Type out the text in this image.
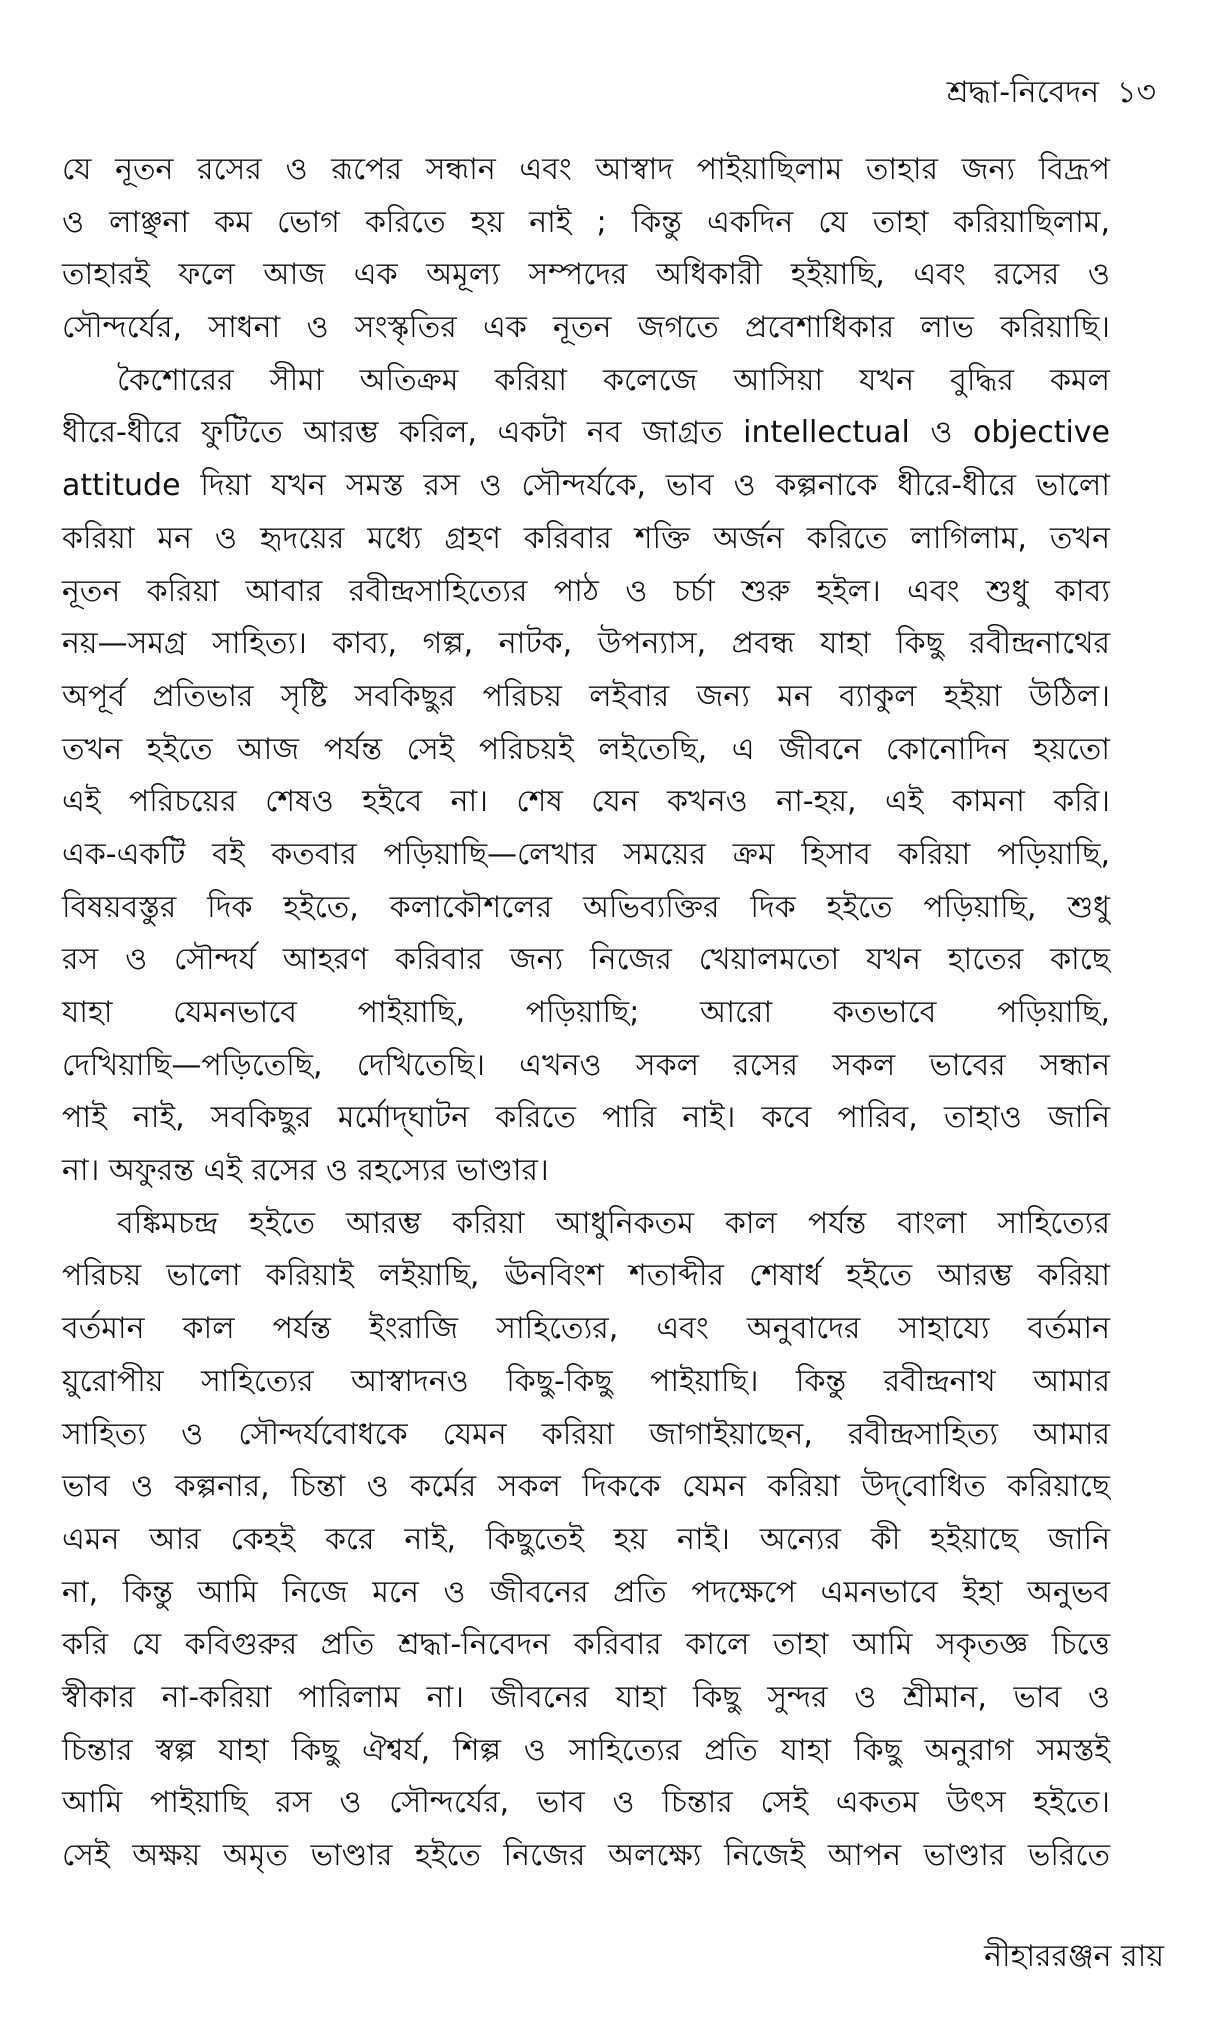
শ্রদ্ধা-নিবেদন ১৩
যে নূতন রসের ও রূপের সন্ধান এবং আস্বাদ পাইয়াছিলাম তাহার জন্য বিদ্রূপ
ও লাঞ্ছনা কম ভোগ করিতে হয় নাই ; কিন্তু একদিন যে তাহা করিয়াছিলাম,
তাহারই ফলে আজ এক অমূল্য সম্পদের অধিকারী হইয়াছি, এবং রসের ও
সৌন্দর্যের, সাধনা ও সংস্কৃতির এক নূতন জগতে প্রবেশাধিকার লাভ করিয়াছি।
কৈশোরের সীমা অতিক্রম করিয়া কলেজে আসিয়া যখন বুদ্ধির কমল
ধীরে-ধীরে ফুটিতে আরম্ভ করিল, একটা নব জাগ্রত intellectual ও objective
attitude দিয়া যখন সমস্ত রস ও সৌন্দর্যকে, ভাব ও কল্পনাকে ধীরে-ধীরে ভালো
করিয়া মন ও হৃদয়ের মধ্যে গ্রহণ করিবার শক্তি অর্জন করিতে লাগিলাম, তখন
নূতন করিয়া আবার রবীন্দ্রসাহিত্যের পাঠ ও চর্চা শুরু হইল। এবং শুধু কাব্য
নয়—সমগ্র সাহিত্য। কাব্য, গল্প, নাটক, উপন্যাস, প্রবন্ধ যাহা কিছু রবীন্দ্রনাথের
অপূর্ব প্রতিভার সৃষ্টি সবকিছুর পরিচয় লইবার জন্য মন ব্যাকুল হইয়া উঠিল।
তখন হইতে আজ পর্যন্ত সেই পরিচয়ই লইতেছি, এ জীবনে কোনোদিন হয়তো
এই পরিচয়ের শেষও হইবে না। শেষ যেন কখনও না-হয়, এই কামনা করি।
এক-একটি বই কতবার পড়িয়াছি—লেখার সময়ের ক্রম হিসাব করিয়া পড়িয়াছি,
বিষয়বস্তুর দিক হইতে, কলাকৌশলের অভিব্যক্তির দিক হইতে পড়িয়াছি, শুধু
রস ও সৌন্দর্য আহরণ করিবার জন্য নিজের খেয়ালমতো যখন হাতের কাছে
যাহা যেমনভাবে পাইয়াছি, পড়িয়াছি; আরো কতভাবে পড়িয়াছি,
দেখিয়াছি—পড়িতেছি, দেখিতেছি। এখনও সকল রসের সকল ভাবের সন্ধান
পাই নাই, সবকিছুর মর্মোদ্‌ঘাটন করিতে পারি নাই। কবে পারিব, তাহাও জানি
না। অফুরন্ত এই রসের ও রহস্যের ভাণ্ডার।
বঙ্কিমচন্দ্র হইতে আরম্ভ করিয়া আধুনিকতম কাল পর্যন্ত বাংলা সাহিত্যের
পরিচয় ভালো করিয়াই লইয়াছি, ঊনবিংশ শতাব্দীর শেষার্ধ হইতে আরম্ভ করিয়া
বর্তমান কাল পর্যন্ত ইংরাজি সাহিত্যের, এবং অনুবাদের সাহায্যে বর্তমান
য়ুরোপীয় সাহিত্যের আস্বাদনও কিছু-কিছু পাইয়াছি। কিন্তু রবীন্দ্রনাথ আমার
সাহিত্য ও সৌন্দর্যবোধকে যেমন করিয়া জাগাইয়াছেন, রবীন্দ্রসাহিত্য আমার
ভাব ও কল্পনার, চিন্তা ও কর্মের সকল দিককে যেমন করিয়া উদ্‌বোধিত করিয়াছে
এমন আর কেহই করে নাই, কিছুতেই হয় নাই। অন্যের কী হইয়াছে জানি
না, কিন্তু আমি নিজে মনে ও জীবনের প্রতি পদক্ষেপে এমনভাবে ইহা অনুভব
করি যে কবিগুরুর প্রতি শ্রদ্ধা-নিবেদন করিবার কালে তাহা আমি সকৃতজ্ঞ চিত্তে
স্বীকার না-করিয়া পারিলাম না। জীবনের যাহা কিছু সুন্দর ও শ্রীমান, ভাব ও
চিন্তার স্বল্প যাহা কিছু ঐশ্বর্য, শিল্প ও সাহিত্যের প্রতি যাহা কিছু অনুরাগ সমস্তই
আমি পাইয়াছি রস ও সৌন্দর্যের, ভাব ও চিন্তার সেই একতম উৎস হইতে।
সেই অক্ষয় অমৃত ভাণ্ডার হইতে নিজের অলক্ষ্যে নিজেই আপন ভাণ্ডার ভরিতে
নীহাররঞ্জন রায়
